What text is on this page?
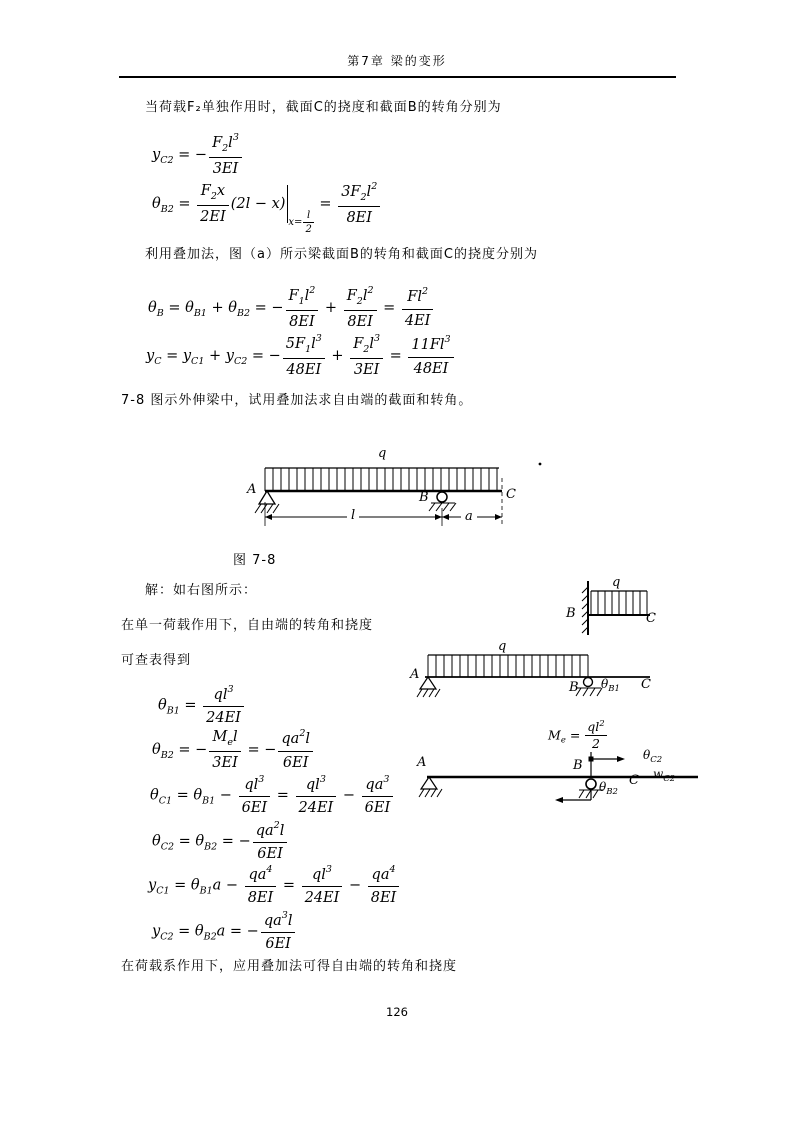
第7章 梁的变形
当荷载F₂单独作用时，截面C的挠度和截面B的转角分别为
$y_{C2}$ = − $\frac{F_2l^3}{3EI}$
$\theta_{B2} = \frac{F_2x}{2EI} (2l - x)x= \frac{l}{2}$
= $\frac{3F_2l^2}{8EI}$
利用叠加法，图（a）所示梁截面B的转角和截面C的挠度分别为
$\theta_B = \theta_{B1} + \theta_{B2}$ = − $\frac{F_1l^2}{8EI} + \frac{F_2l^2}{8EI} = \frac{Fl^2}{4EI}$
$y_C = y_{C1} + y_{C2}$ = − $\frac{5F_1l^3}{48EI} + \frac{F_2l^3}{3EI} = \frac{11Fl^3}{48EI}$
7-8 图示外伸梁中，试用叠加法求自由端的截面和转角。
q
A
B	C
l	a
图 7-8
解：如右图所示：
在单一荷载作用下，自由端的转角和挠度
可查表得到
q
B	C
q
A
B $\theta_{B1}$ C
$M_e = \frac{ql^2}{2}$
A	B
$\theta_{C2}$
C $w_{C2}$
$\theta_{B2}$
$\theta_{B1} = \frac{ql^3}{24EI}$
$\theta_{B2}$ = − $\frac{M_el}{3EI}$ = − $\frac{qa^2l}{6EI}$
$\theta_{C1} = \theta_{B1} - \frac{ql^3}{6EI} = \frac{ql^3}{24EI} - \frac{qa^3}{6EI}$
$\theta_{C2} = \theta_{B2}$ = − $\frac{qa^2l}{6EI}$
$y_{C1} = \theta_{B1}a - \frac{qa^4}{8EI} = \frac{ql^3}{24EI} - \frac{qa^4}{8EI}$
$y_{C2} = \theta_{B2}a$ = − $\frac{qa^3l}{6EI}$
在荷载系作用下，应用叠加法可得自由端的转角和挠度
126
